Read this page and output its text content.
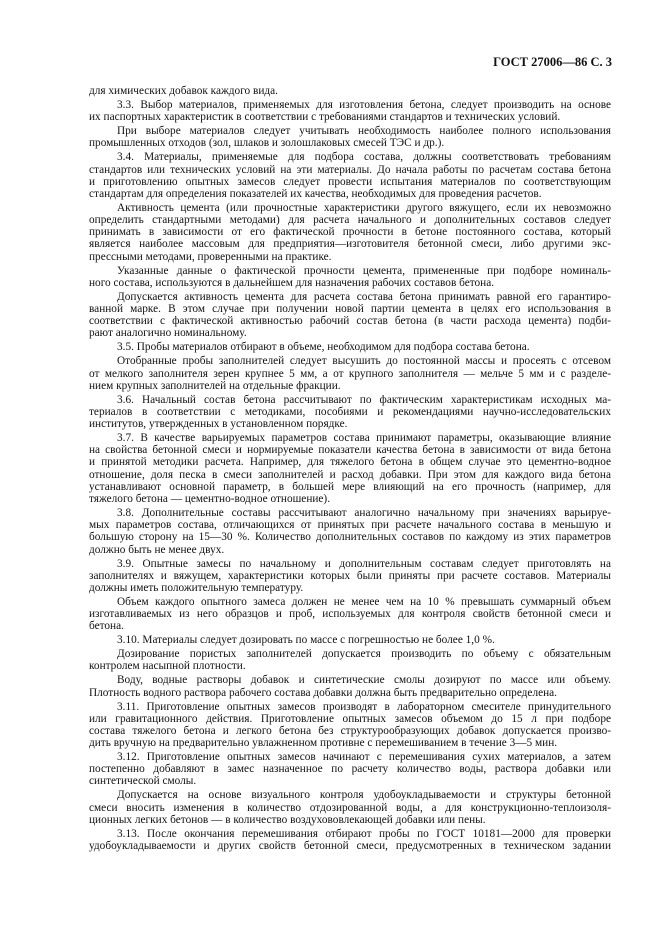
ГОСТ 27006—86 С. 3
для химических добавок каждого вида.
3.3. Выбор материалов, применяемых для изготовления бетона, следует производить на основе
их паспортных характеристик в соответствии с требованиями стандартов и технических условий.
При выборе материалов следует учитывать необходимость наиболее полного использования
промышленных отходов (зол, шлаков и золошлаковых смесей ТЭС и др.).
3.4. Материалы, применяемые для подбора состава, должны соответствовать требованиям
стандартов или технических условий на эти материалы. До начала работы по расчетам состава бетона
и приготовлению опытных замесов следует провести испытания материалов по соответствующим
стандартам для определения показателей их качества, необходимых для проведения расчетов.
Активность цемента (или прочностные характеристики другого вяжущего, если их невозможно
определить стандартными методами) для расчета начального и дополнительных составов следует
принимать в зависимости от его фактической прочности в бетоне постоянного состава, который
является наиболее массовым для предприятия—изготовителя бетонной смеси, либо другими экс-
прессными методами, проверенными на практике.
Указанные данные о фактической прочности цемента, примененные при подборе номиналь-
ного состава, используются в дальнейшем для назначения рабочих составов бетона.
Допускается активность цемента для расчета состава бетона принимать равной его гарантиро-
ванной марке. В этом случае при получении новой партии цемента в целях его использования в
соответствии с фактической активностью рабочий состав бетона (в части расхода цемента) подби-
рают аналогично номинальному.
3.5. Пробы материалов отбирают в объеме, необходимом для подбора состава бетона.
Отобранные пробы заполнителей следует высушить до постоянной массы и просеять с отсевом
от мелкого заполнителя зерен крупнее 5 мм, а от крупного заполнителя — мельче 5 мм и с разделе-
нием крупных заполнителей на отдельные фракции.
3.6. Начальный состав бетона рассчитывают по фактическим характеристикам исходных ма-
териалов в соответствии с методиками, пособиями и рекомендациями научно-исследовательских
институтов, утвержденных в установленном порядке.
3.7. В качестве варьируемых параметров состава принимают параметры, оказывающие влияние
на свойства бетонной смеси и нормируемые показатели качества бетона в зависимости от вида бетона
и принятой методики расчета. Например, для тяжелого бетона в общем случае это цементно-водное
отношение, доля песка в смеси заполнителей и расход добавки. При этом для каждого вида бетона
устанавливают основной параметр, в большей мере влияющий на его прочность (например, для
тяжелого бетона — цементно-водное отношение).
3.8. Дополнительные составы рассчитывают аналогично начальному при значениях варьируе-
мых параметров состава, отличающихся от принятых при расчете начального состава в меньшую и
большую сторону на 15—30 %. Количество дополнительных составов по каждому из этих параметров
должно быть не менее двух.
3.9. Опытные замесы по начальному и дополнительным составам следует приготовлять на
заполнителях и вяжущем, характеристики которых были приняты при расчете составов. Материалы
должны иметь положительную температуру.
Объем каждого опытного замеса должен не менее чем на 10 % превышать суммарный объем
изготавливаемых из него образцов и проб, используемых для контроля свойств бетонной смеси и
бетона.
3.10. Материалы следует дозировать по массе с погрешностью не более 1,0 %.
Дозирование пористых заполнителей допускается производить по объему с обязательным
контролем насыпной плотности.
Воду, водные растворы добавок и синтетические смолы дозируют по массе или объему.
Плотность водного раствора рабочего состава добавки должна быть предварительно определена.
3.11. Приготовление опытных замесов производят в лабораторном смесителе принудительного
или гравитационного действия. Приготовление опытных замесов объемом до 15 л при подборе
состава тяжелого бетона и легкого бетона без структурообразующих добавок допускается произво-
дить вручную на предварительно увлажненном противне с перемешиванием в течение 3—5 мин.
3.12. Приготовление опытных замесов начинают с перемешивания сухих материалов, а затем
постепенно добавляют в замес назначенное по расчету количество воды, раствора добавки или
синтетической смолы.
Допускается на основе визуального контроля удобоукладываемости и структуры бетонной
смеси вносить изменения в количество отдозированной воды, а для конструкционно-теплоизоля-
ционных легких бетонов — в количество воздухововлекающей добавки или пены.
3.13. После окончания перемешивания отбирают пробы по ГОСТ 10181—2000 для проверки
удобоукладываемости и других свойств бетонной смеси, предусмотренных в техническом задании
